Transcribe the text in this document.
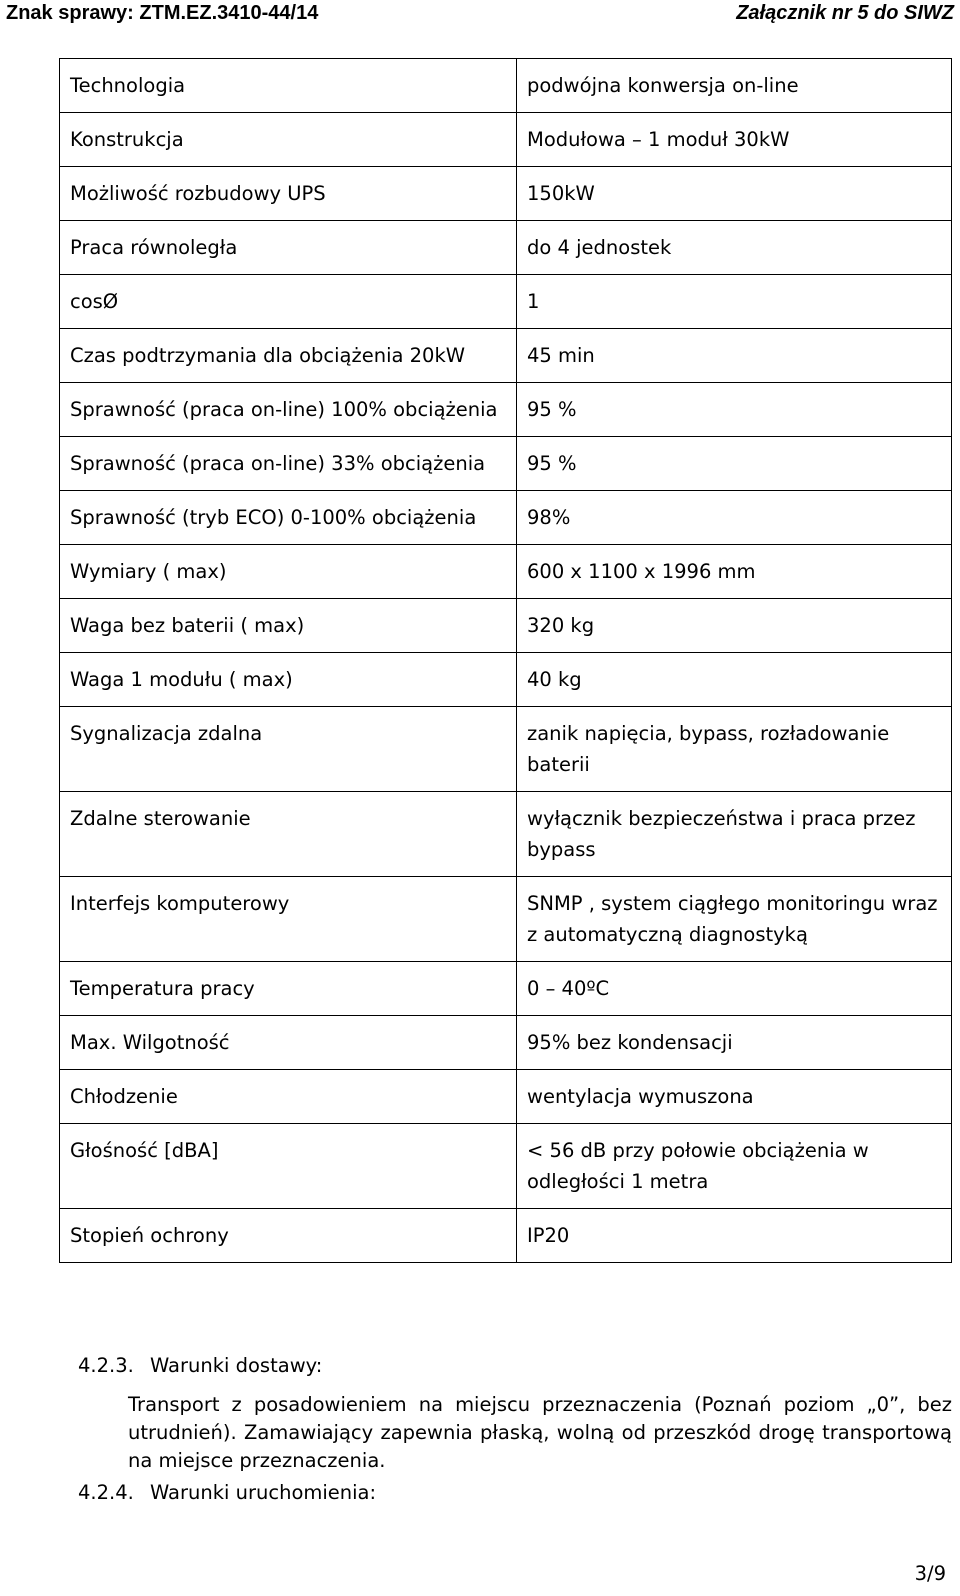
Znak sprawy: ZTM.EZ.3410-44/14	Załącznik nr 5 do SIWZ
Technologia	podwójna konwersja on-line
Konstrukcja	Modułowa – 1 moduł 30kW
Możliwość rozbudowy UPS	150kW
Praca równoległa	do 4 jednostek
cosØ	1
Czas podtrzymania dla obciążenia 20kW	45 min
Sprawność (praca on-line) 100% obciążenia	95 %
Sprawność (praca on-line) 33% obciążenia	95 %
Sprawność (tryb ECO) 0-100% obciążenia	98%
Wymiary ( max)	600 x 1100 x 1996 mm
Waga bez baterii ( max)	320 kg
Waga 1 modułu ( max)	40 kg
Sygnalizacja zdalna	zanik napięcia, bypass, rozładowanie baterii
Zdalne sterowanie	wyłącznik bezpieczeństwa i praca przez bypass
Interfejs komputerowy	SNMP , system ciągłego monitoringu wraz z automatyczną diagnostyką
Temperatura pracy	0 – 40ºC
Max. Wilgotność	95% bez kondensacji
Chłodzenie	wentylacja wymuszona
Głośność [dBA]	< 56 dB przy połowie obciążenia w odległości 1 metra
Stopień ochrony	IP20
4.2.3. Warunki dostawy:
Transport z posadowieniem na miejscu przeznaczenia (Poznań poziom „0”, bez utrudnień). Zamawiający zapewnia płaską, wolną od przeszkód drogę transportową na miejsce przeznaczenia.
4.2.4. Warunki uruchomienia:
3/9
